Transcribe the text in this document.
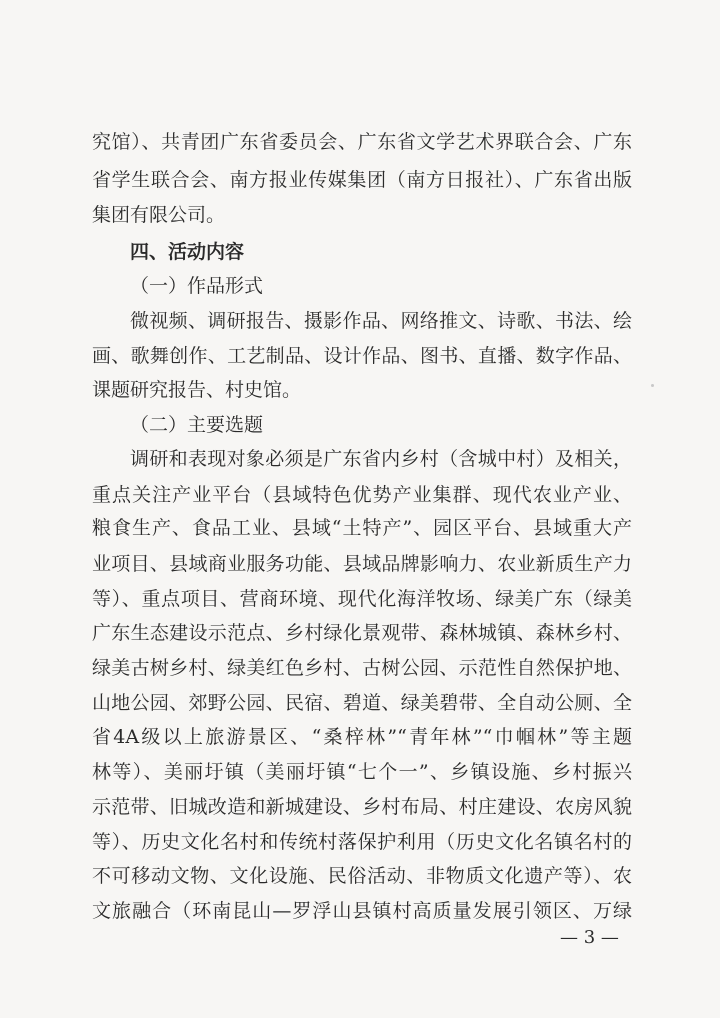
究馆）、共青团广东省委员会、广东省文学艺术界联合会、广东
省学生联合会、南方报业传媒集团（南方日报社）、广东省出版
集团有限公司。
四、活动内容
（一）作品形式
微视频、调研报告、摄影作品、网络推文、诗歌、书法、绘
画、歌舞创作、工艺制品、设计作品、图书、直播、数字作品、
课题研究报告、村史馆。
（二）主要选题
调研和表现对象必须是广东省内乡村（含城中村）及相关，
重点关注产业平台（县域特色优势产业集群、现代农业产业、
粮食生产、食品工业、县域“土特产”、园区平台、县域重大产
业项目、县域商业服务功能、县域品牌影响力、农业新质生产力
等）、重点项目、营商环境、现代化海洋牧场、绿美广东（绿美
广东生态建设示范点、乡村绿化景观带、森林城镇、森林乡村、
绿美古树乡村、绿美红色乡村、古树公园、示范性自然保护地、
山地公园、郊野公园、民宿、碧道、绿美碧带、全自动公厕、全
省4A级以上旅游景区、“桑梓林”“青年林”“巾帼林”等主题
林等）、美丽圩镇（美丽圩镇“七个一”、乡镇设施、乡村振兴
示范带、旧城改造和新城建设、乡村布局、村庄建设、农房风貌
等）、历史文化名村和传统村落保护利用（历史文化名镇名村的
不可移动文物、文化设施、民俗活动、非物质文化遗产等）、农
文旅融合（环南昆山—罗浮山县镇村高质量发展引领区、万绿
— 3 —
